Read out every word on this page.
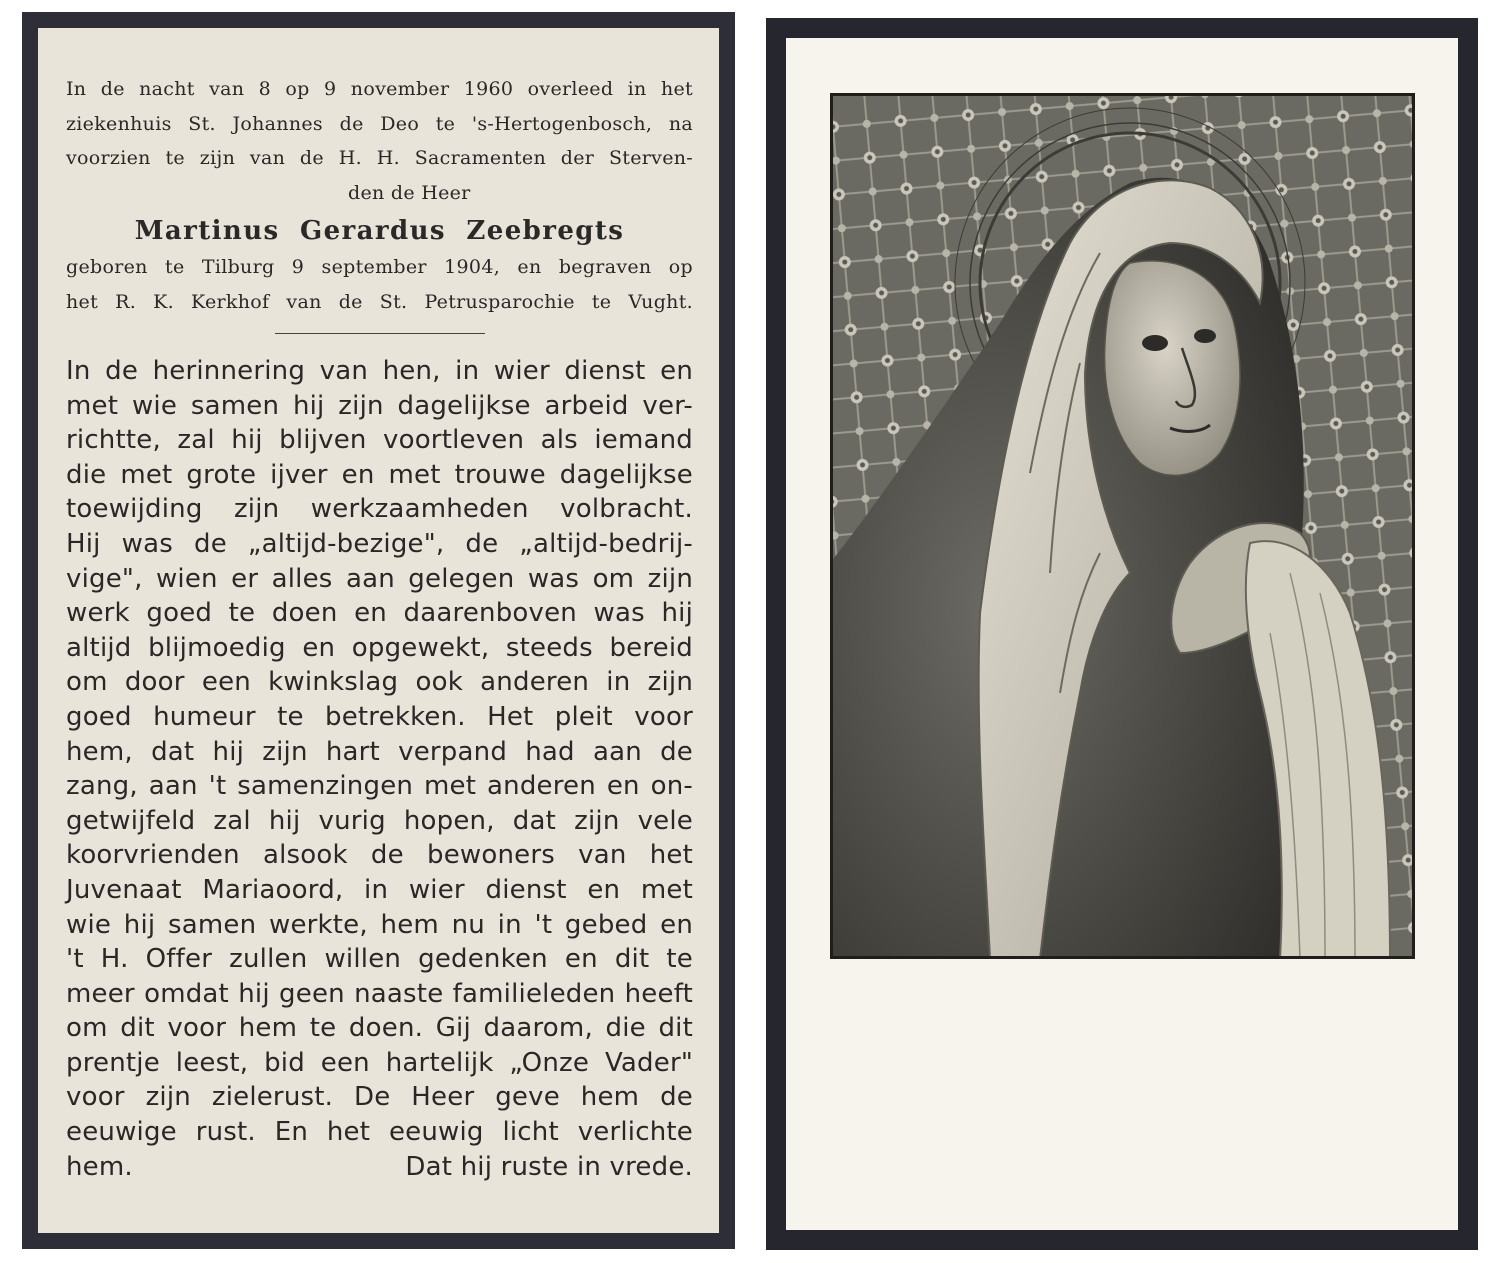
In de nacht van 8 op 9 november 1960 overleed in het
ziekenhuis St. Johannes de Deo te 's-Hertogenbosch, na
voorzien te zijn van de H. H. Sacramenten der Sterven-
den de Heer
Martinus Gerardus Zeebregts
geboren te Tilburg 9 september 1904, en begraven op
het R. K. Kerkhof van de St. Petrusparochie te Vught.
In de herinnering van hen, in wier dienst en
met wie samen hij zijn dagelijkse arbeid ver-
richtte, zal hij blijven voortleven als iemand
die met grote ijver en met trouwe dagelijkse
toewijding zijn werkzaamheden volbracht.
Hij was de „altijd-bezige", de „altijd-bedrij-
vige", wien er alles aan gelegen was om zijn
werk goed te doen en daarenboven was hij
altijd blijmoedig en opgewekt, steeds bereid
om door een kwinkslag ook anderen in zijn
goed humeur te betrekken. Het pleit voor
hem, dat hij zijn hart verpand had aan de
zang, aan 't samenzingen met anderen en on-
getwijfeld zal hij vurig hopen, dat zijn vele
koorvrienden alsook de bewoners van het
Juvenaat Mariaoord, in wier dienst en met
wie hij samen werkte, hem nu in 't gebed en
't H. Offer zullen willen gedenken en dit te
meer omdat hij geen naaste familieleden heeft
om dit voor hem te doen. Gij daarom, die dit
prentje leest, bid een hartelijk „Onze Vader"
voor zijn zielerust. De Heer geve hem de
eeuwige rust. En het eeuwig licht verlichte
hem.	Dat hij ruste in vrede.
